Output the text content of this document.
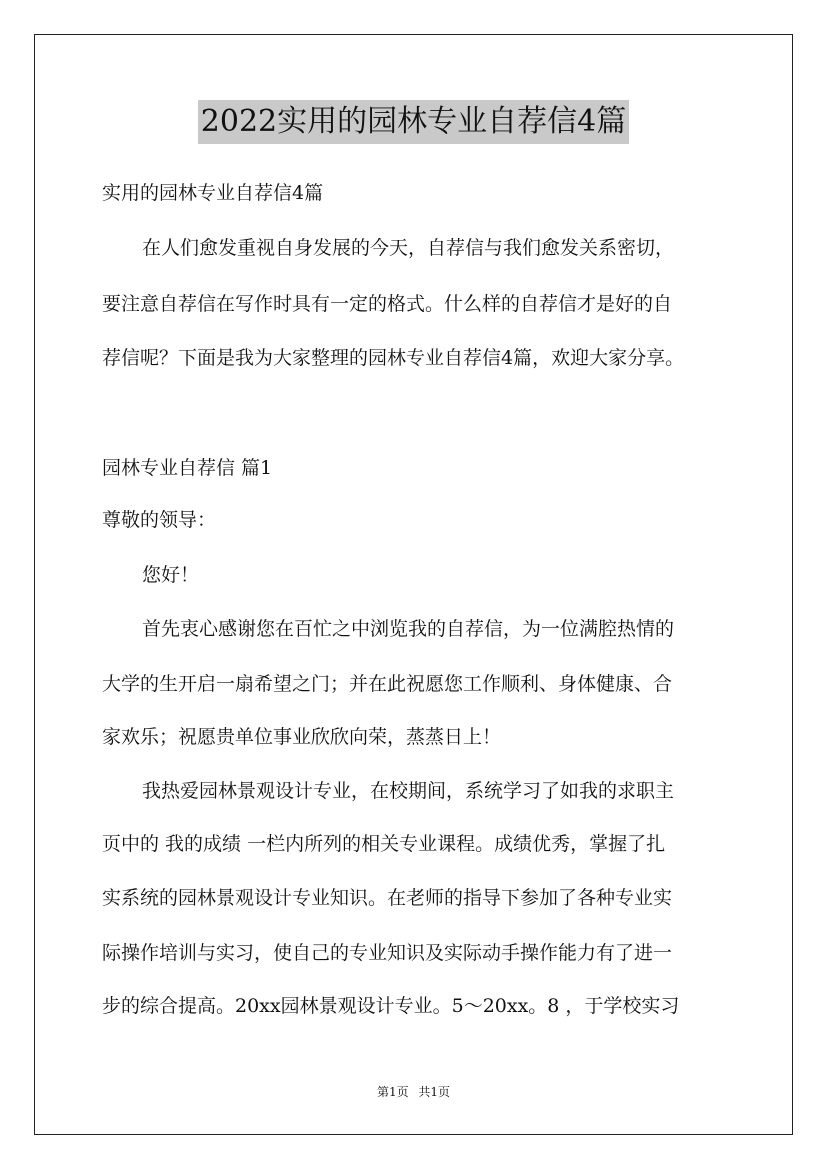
2022实用的园林专业自荐信4篇
实用的园林专业自荐信4篇
在人们愈发重视自身发展的今天，自荐信与我们愈发关系密切，
要注意自荐信在写作时具有一定的格式。什么样的自荐信才是好的自
荐信呢？下面是我为大家整理的园林专业自荐信4篇，欢迎大家分享。
园林专业自荐信 篇1
尊敬的领导：
您好！
首先衷心感谢您在百忙之中浏览我的自荐信，为一位满腔热情的
大学的生开启一扇希望之门；并在此祝愿您工作顺利、身体健康、合
家欢乐；祝愿贵单位事业欣欣向荣，蒸蒸日上！
我热爱园林景观设计专业，在校期间，系统学习了如我的求职主
页中的 我的成绩 一栏内所列的相关专业课程。成绩优秀，掌握了扎
实系统的园林景观设计专业知识。在老师的指导下参加了各种专业实
际操作培训与实习，使自己的专业知识及实际动手操作能力有了进一
步的综合提高。20xx园林景观设计专业。5～20xx。8 ，于学校实习
第1页 共1页
